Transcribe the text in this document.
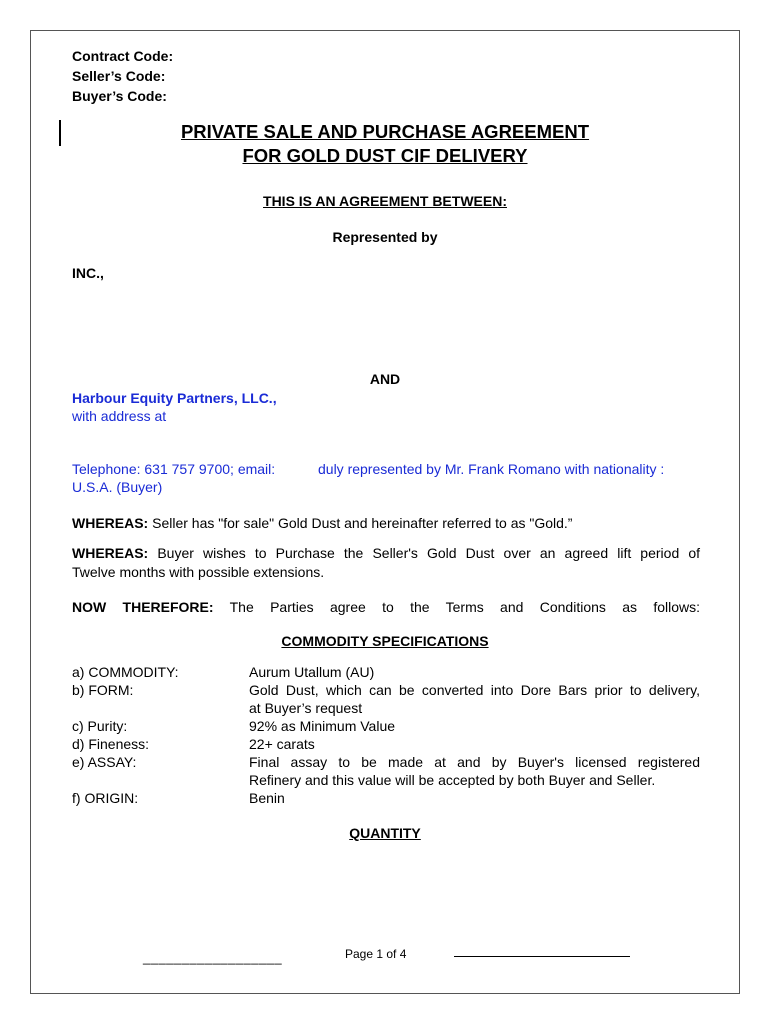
Contract Code:
Seller’s Code:
Buyer’s Code:
PRIVATE SALE AND PURCHASE AGREEMENT
FOR GOLD DUST CIF DELIVERY
THIS IS AN AGREEMENT BETWEEN:
Represented by
INC.,
AND
Harbour Equity Partners, LLC.,
with address at
Telephone: 631 757 9700; email:	duly represented by Mr. Frank Romano with nationality :
U.S.A. (Buyer)
WHEREAS: Seller has "for sale" Gold Dust and hereinafter referred to as "Gold.”
WHEREAS: Buyer wishes to Purchase the Seller's Gold Dust over an agreed lift period of
Twelve months with possible extensions.
NOW THEREFORE: The Parties agree to the Terms and Conditions as follows:
COMMODITY SPECIFICATIONS
a) COMMODITY:	Aurum Utallum (AU)
b) FORM:	Gold Dust, which can be converted into Dore Bars prior to delivery,
at Buyer’s request
c) Purity:	92% as Minimum Value
d) Fineness:	22+ carats
e) ASSAY:	Final assay to be made at and by Buyer's licensed registered
Refinery and this value will be accepted by both Buyer and Seller.
f) ORIGIN:	Benin
QUANTITY
__________________	Page 1 of 4
